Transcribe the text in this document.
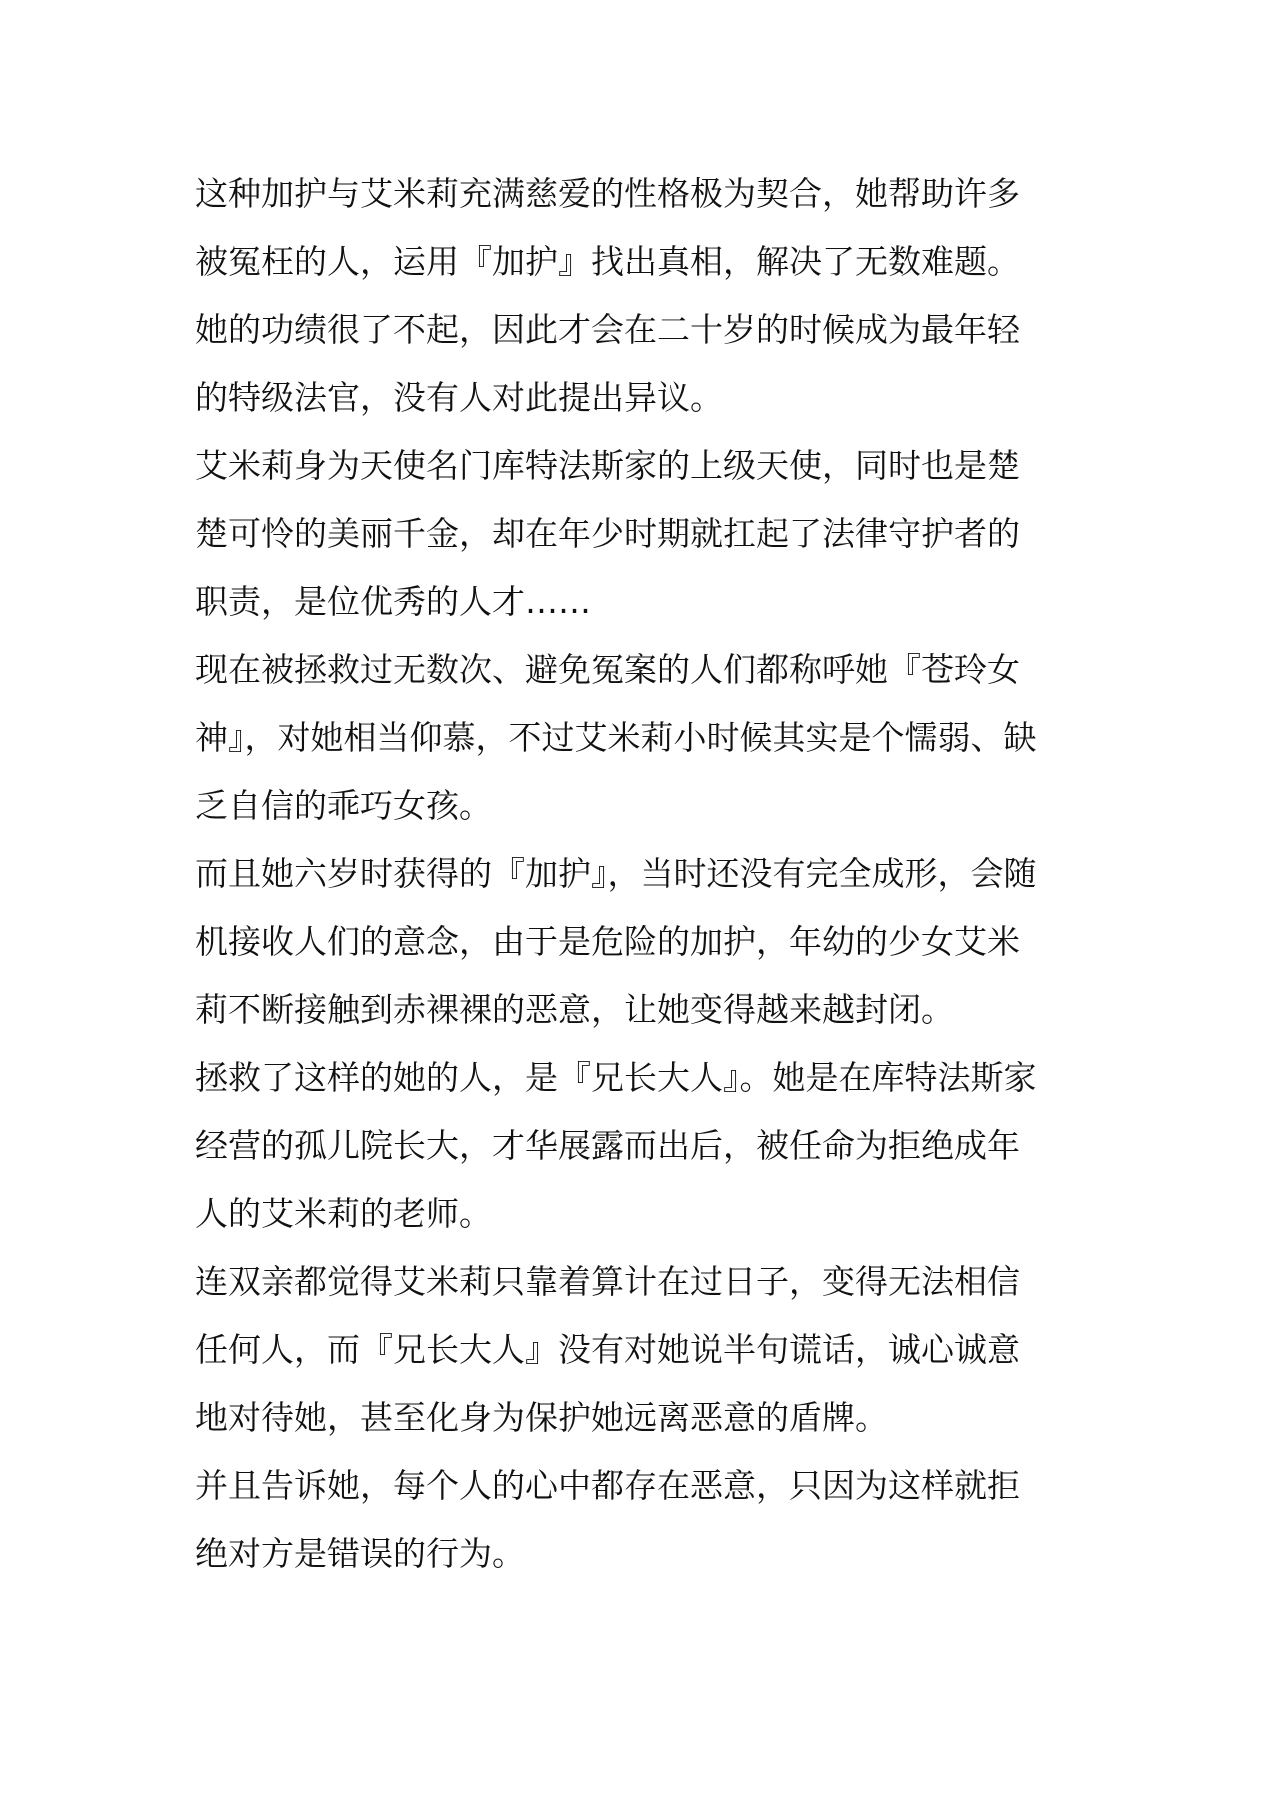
这种加护与艾米莉充满慈爱的性格极为契合，她帮助许多
被冤枉的人，运用『加护』找出真相，解决了无数难题。
她的功绩很了不起，因此才会在二十岁的时候成为最年轻
的特级法官，没有人对此提出异议。
艾米莉身为天使名门库特法斯家的上级天使，同时也是楚
楚可怜的美丽千金，却在年少时期就扛起了法律守护者的
职责，是位优秀的人才……
现在被拯救过无数次、避免冤案的人们都称呼她『苍玲女
神』，对她相当仰慕，不过艾米莉小时候其实是个懦弱、缺
乏自信的乖巧女孩。
而且她六岁时获得的『加护』，当时还没有完全成形，会随
机接收人们的意念，由于是危险的加护，年幼的少女艾米
莉不断接触到赤裸裸的恶意，让她变得越来越封闭。
拯救了这样的她的人，是『兄长大人』。她是在库特法斯家
经营的孤儿院长大，才华展露而出后，被任命为拒绝成年
人的艾米莉的老师。
连双亲都觉得艾米莉只靠着算计在过日子，变得无法相信
任何人，而『兄长大人』没有对她说半句谎话，诚心诚意
地对待她，甚至化身为保护她远离恶意的盾牌。
并且告诉她，每个人的心中都存在恶意，只因为这样就拒
绝对方是错误的行为。
